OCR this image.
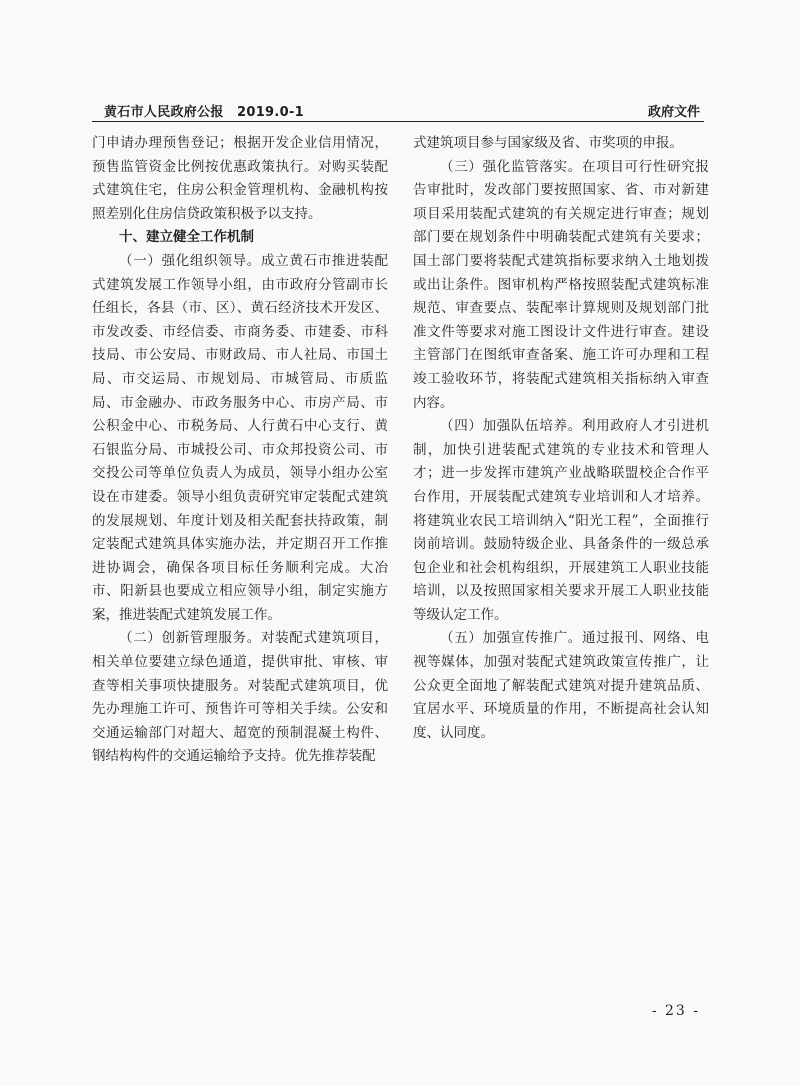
黄石市人民政府公报　2019.0-1	政府文件

门申请办理预售登记；根据开发企业信用情况，预售监管资金比例按优惠政策执行。对购买装配式建筑住宅，住房公积金管理机构、金融机构按照差别化住房信贷政策积极予以支持。

十、建立健全工作机制

（一）强化组织领导。成立黄石市推进装配式建筑发展工作领导小组，由市政府分管副市长任组长，各县（市、区）、黄石经济技术开发区、市发改委、市经信委、市商务委、市建委、市科技局、市公安局、市财政局、市人社局、市国土局、市交运局、市规划局、市城管局、市质监局、市金融办、市政务服务中心、市房产局、市公积金中心、市税务局、人行黄石中心支行、黄石银监分局、市城投公司、市众邦投资公司、市交投公司等单位负责人为成员，领导小组办公室设在市建委。领导小组负责研究审定装配式建筑的发展规划、年度计划及相关配套扶持政策，制定装配式建筑具体实施办法，并定期召开工作推进协调会，确保各项目标任务顺利完成。大冶市、阳新县也要成立相应领导小组，制定实施方案，推进装配式建筑发展工作。

（二）创新管理服务。对装配式建筑项目，相关单位要建立绿色通道，提供审批、审核、审查等相关事项快捷服务。对装配式建筑项目，优先办理施工许可、预售许可等相关手续。公安和交通运输部门对超大、超宽的预制混凝土构件、钢结构构件的交通运输给予支持。优先推荐装配

式建筑项目参与国家级及省、市奖项的申报。

（三）强化监管落实。在项目可行性研究报告审批时，发改部门要按照国家、省、市对新建项目采用装配式建筑的有关规定进行审查；规划部门要在规划条件中明确装配式建筑有关要求；国土部门要将装配式建筑指标要求纳入土地划拨或出让条件。图审机构严格按照装配式建筑标准规范、审查要点、装配率计算规则及规划部门批准文件等要求对施工图设计文件进行审查。建设主管部门在图纸审查备案、施工许可办理和工程竣工验收环节，将装配式建筑相关指标纳入审查内容。

（四）加强队伍培养。利用政府人才引进机制，加快引进装配式建筑的专业技术和管理人才；进一步发挥市建筑产业战略联盟校企合作平台作用，开展装配式建筑专业培训和人才培养。将建筑业农民工培训纳入“阳光工程”，全面推行岗前培训。鼓励特级企业、具备条件的一级总承包企业和社会机构组织，开展建筑工人职业技能培训，以及按照国家相关要求开展工人职业技能等级认定工作。

（五）加强宣传推广。通过报刊、网络、电视等媒体，加强对装配式建筑政策宣传推广，让公众更全面地了解装配式建筑对提升建筑品质、宜居水平、环境质量的作用，不断提高社会认知度、认同度。

- 23 -
